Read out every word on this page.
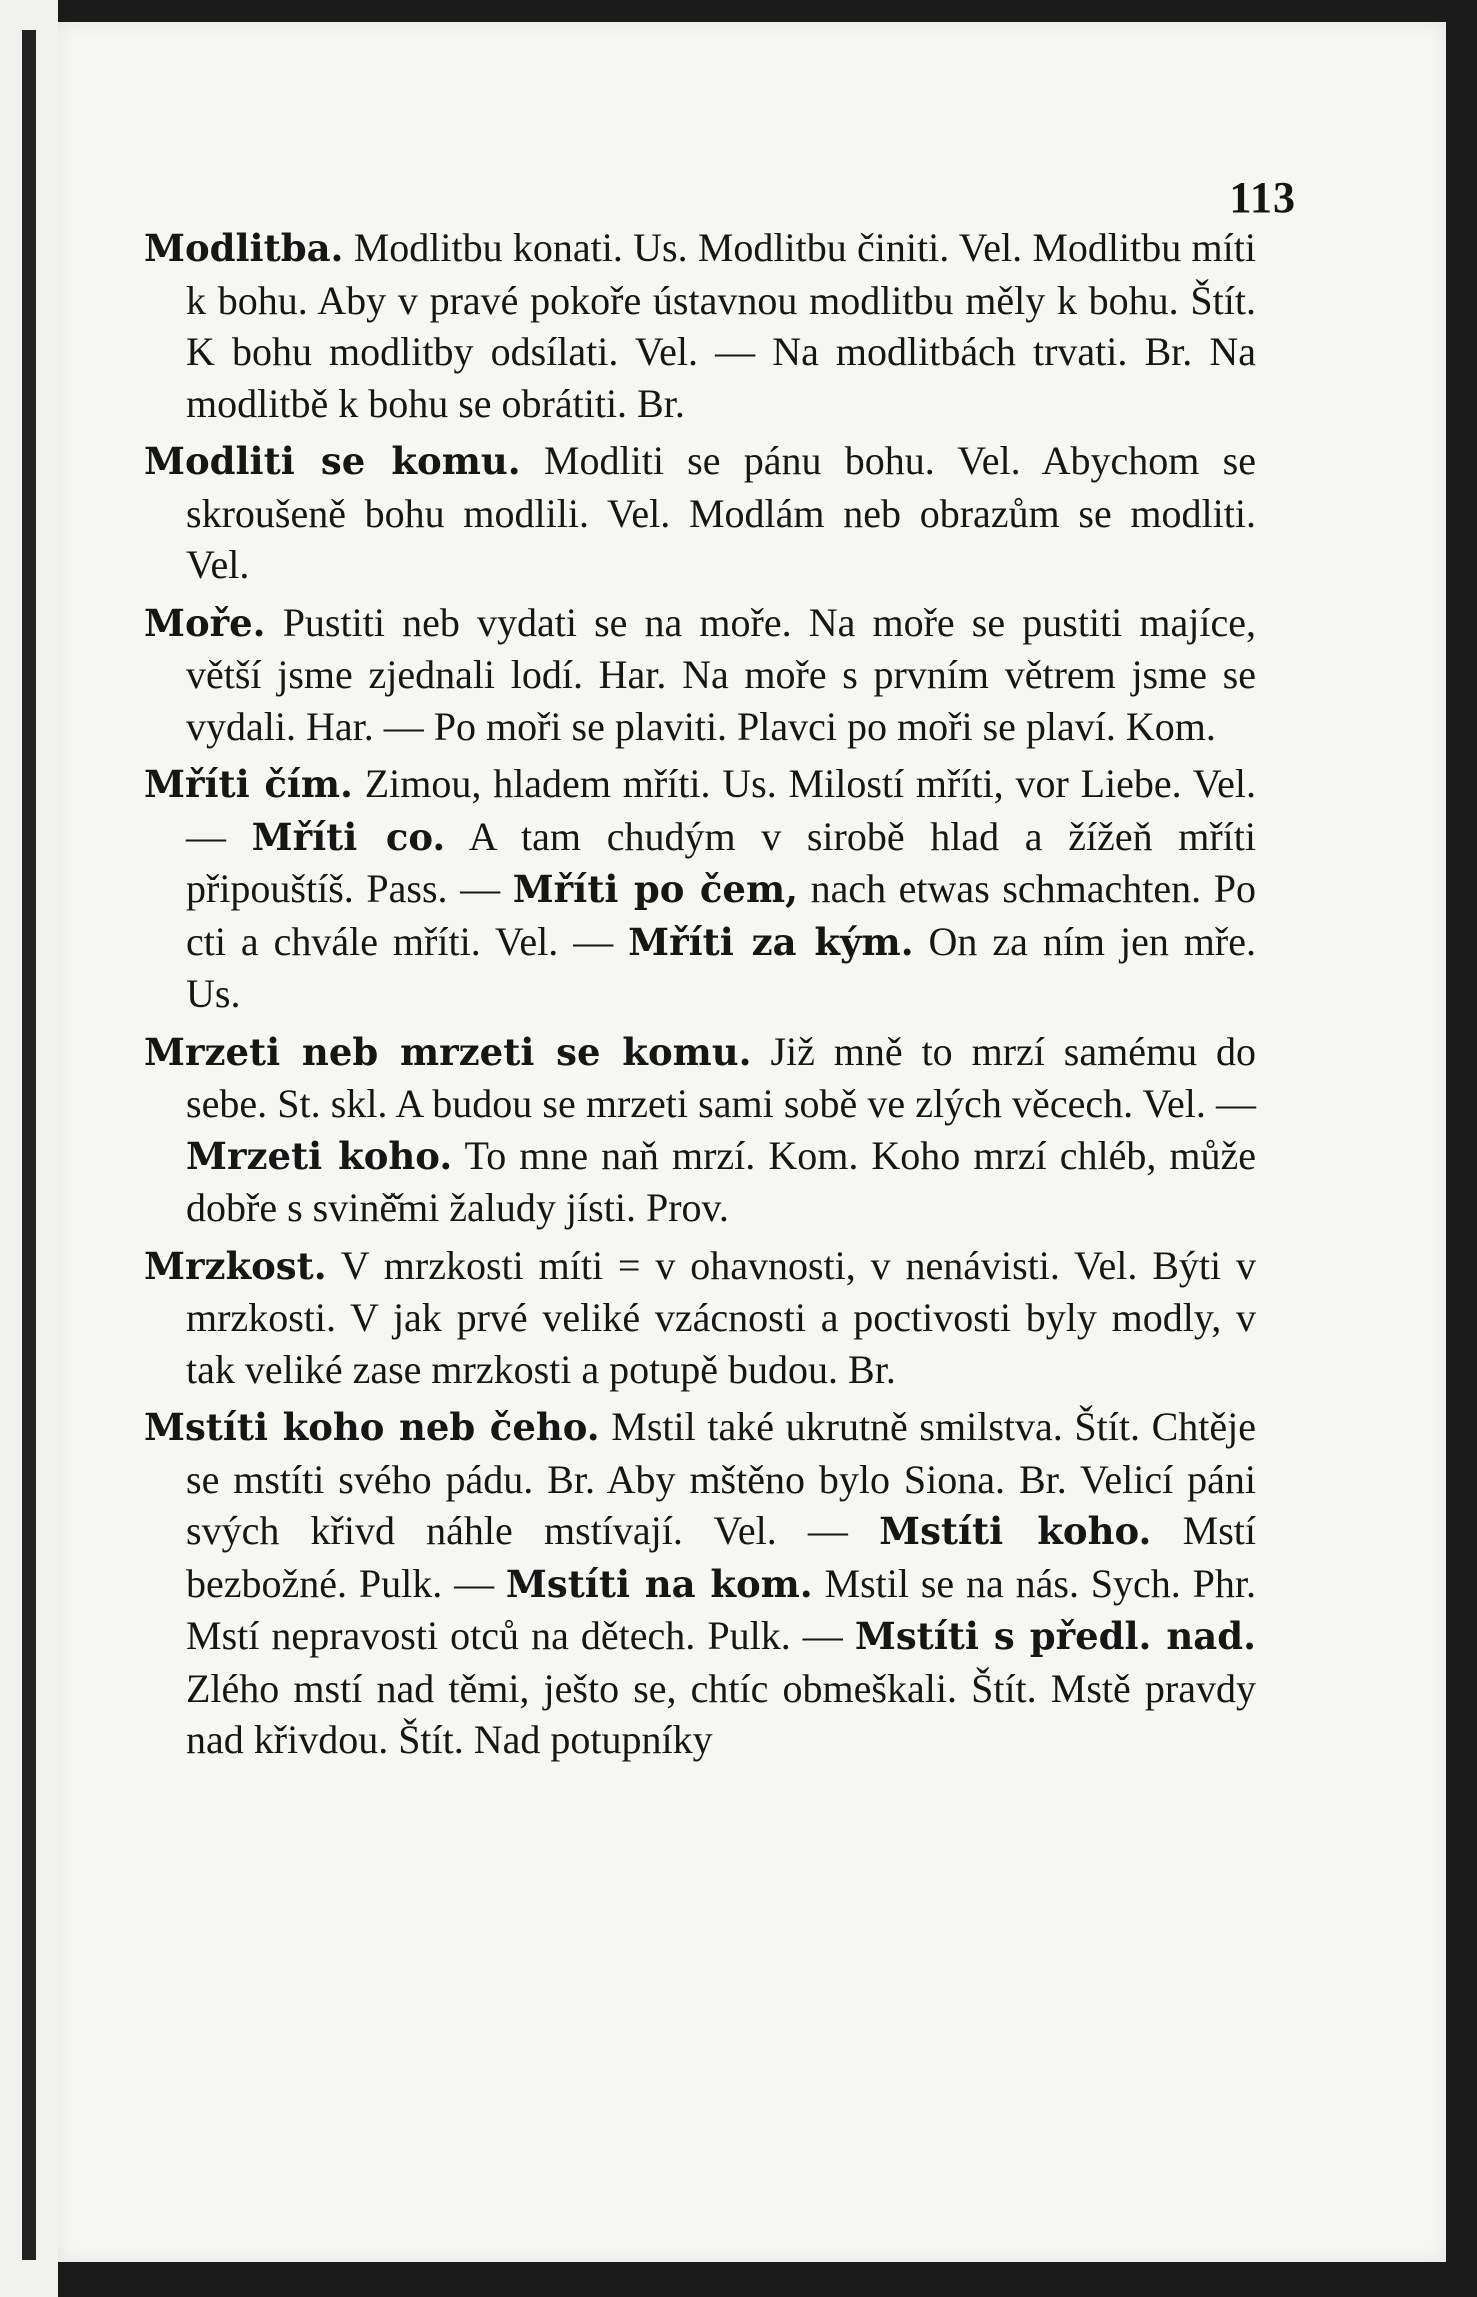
113

Modlitba. Modlitbu konati. Us. Modlitbu činiti. Vel. Modlitbu míti k bohu. Aby v pravé pokoře ústavnou modlitbu měly k bohu. Štít. K bohu modlitby odsílati. Vel. — Na modlitbách trvati. Br. Na modlitbě k bohu se obrátiti. Br.

Modliti se komu. Modliti se pánu bohu. Vel. Abychom se skroušeně bohu modlili. Vel. Modlám neb obrazům se modliti. Vel.

Moře. Pustiti neb vydati se na moře. Na moře se pustiti majíce, větší jsme zjednali lodí. Har. Na moře s prvním větrem jsme se vydali. Har. — Po moři se plaviti. Plavci po moři se plaví. Kom.

Mříti čím. Zimou, hladem mříti. Us. Milostí mříti, vor Liebe. Vel. — Mříti co. A tam chudým v sirobě hlad a žížeň mříti připouštíš. Pass. — Mříti po čem, nach etwas schmachten. Po cti a chvále mříti. Vel. — Mříti za kým. On za ním jen mře. Us.

Mrzeti neb mrzeti se komu. Již mně to mrzí samému do sebe. St. skl. A budou se mrzeti sami sobě ve zlých věcech. Vel. — Mrzeti koho. To mne naň mrzí. Kom. Koho mrzí chléb, může dobře s svině̌mi žaludy jísti. Prov.

Mrzkost. V mrzkosti míti = v ohavnosti, v nenávisti. Vel. Býti v mrzkosti. V jak prvé veliké vzácnosti a poctivosti byly modly, v tak veliké zase mrzkosti a potupě budou. Br.

Mstíti koho neb čeho. Mstil také ukrutně smilstva. Štít. Chtěje se mstíti svého pádu. Br. Aby mštěno bylo Siona. Br. Velicí páni svých křivd náhle mstívají. Vel. — Mstíti koho. Mstí bezbožné. Pulk. — Mstíti na kom. Mstil se na nás. Sych. Phr. Mstí nepravosti otců na dětech. Pulk. — Mstíti s předl. nad. Zlého mstí nad těmi, ješto se, chtíc obmeškali. Štít. Mstě pravdy nad křivdou. Štít. Nad potupníky
